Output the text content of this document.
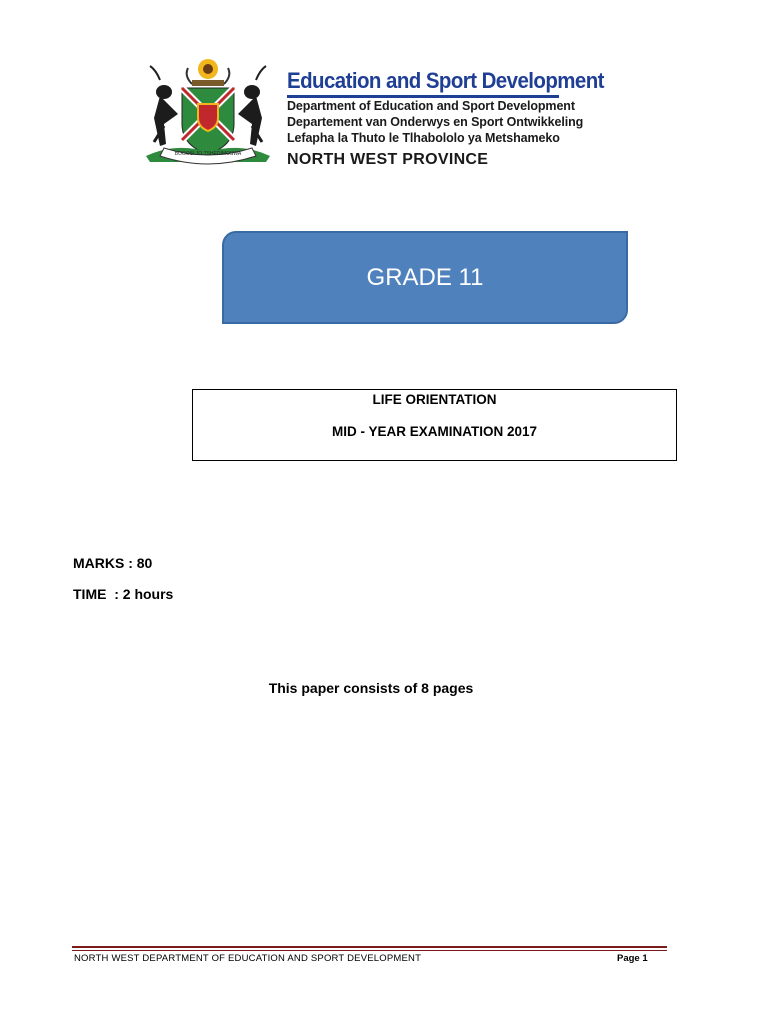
BOGOSI JO TSHEDIMOSWA
Education and Sport Development
Department of Education and Sport Development
Departement van Onderwys en Sport Ontwikkeling
Lefapha la Thuto le Tlhabololo ya Metshameko
NORTH WEST PROVINCE
GRADE 11
LIFE ORIENTATION
MID - YEAR EXAMINATION 2017
MARKS : 80
TIME  : 2 hours
This paper consists of 8 pages
NORTH WEST DEPARTMENT OF EDUCATION AND SPORT DEVELOPMENT	Page 1
